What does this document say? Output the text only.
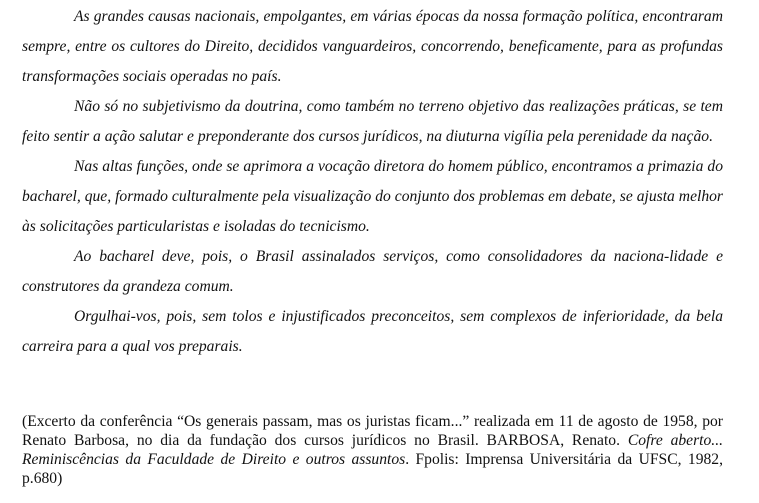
As grandes causas nacionais, empolgantes, em várias épocas da nossa formação política, encontraram sempre, entre os cultores do Direito, decididos vanguardeiros, concorrendo, beneficamente, para as profundas transformações sociais operadas no país.

Não só no subjetivismo da doutrina, como também no terreno objetivo das realizações práticas, se tem feito sentir a ação salutar e preponderante dos cursos jurídicos, na diuturna vigília pela perenidade da nação.

Nas altas funções, onde se aprimora a vocação diretora do homem público, encontramos a primazia do bacharel, que, formado culturalmente pela visualização do conjunto dos problemas em debate, se ajusta melhor às solicitações particularistas e isoladas do tecnicismo.

Ao bacharel deve, pois, o Brasil assinalados serviços, como consolidadores da naciona-lidade e construtores da grandeza comum.

Orgulhai-vos, pois, sem tolos e injustificados preconceitos, sem complexos de inferioridade, da bela carreira para a qual vos preparais.

(Excerto da conferência “Os generais passam, mas os juristas ficam...” realizada em 11 de agosto de 1958, por Renato Barbosa, no dia da fundação dos cursos jurídicos no Brasil. BARBOSA, Renato. Cofre aberto... Reminiscências da Faculdade de Direito e outros assuntos. Fpolis: Imprensa Universitária da UFSC, 1982, p.680)
